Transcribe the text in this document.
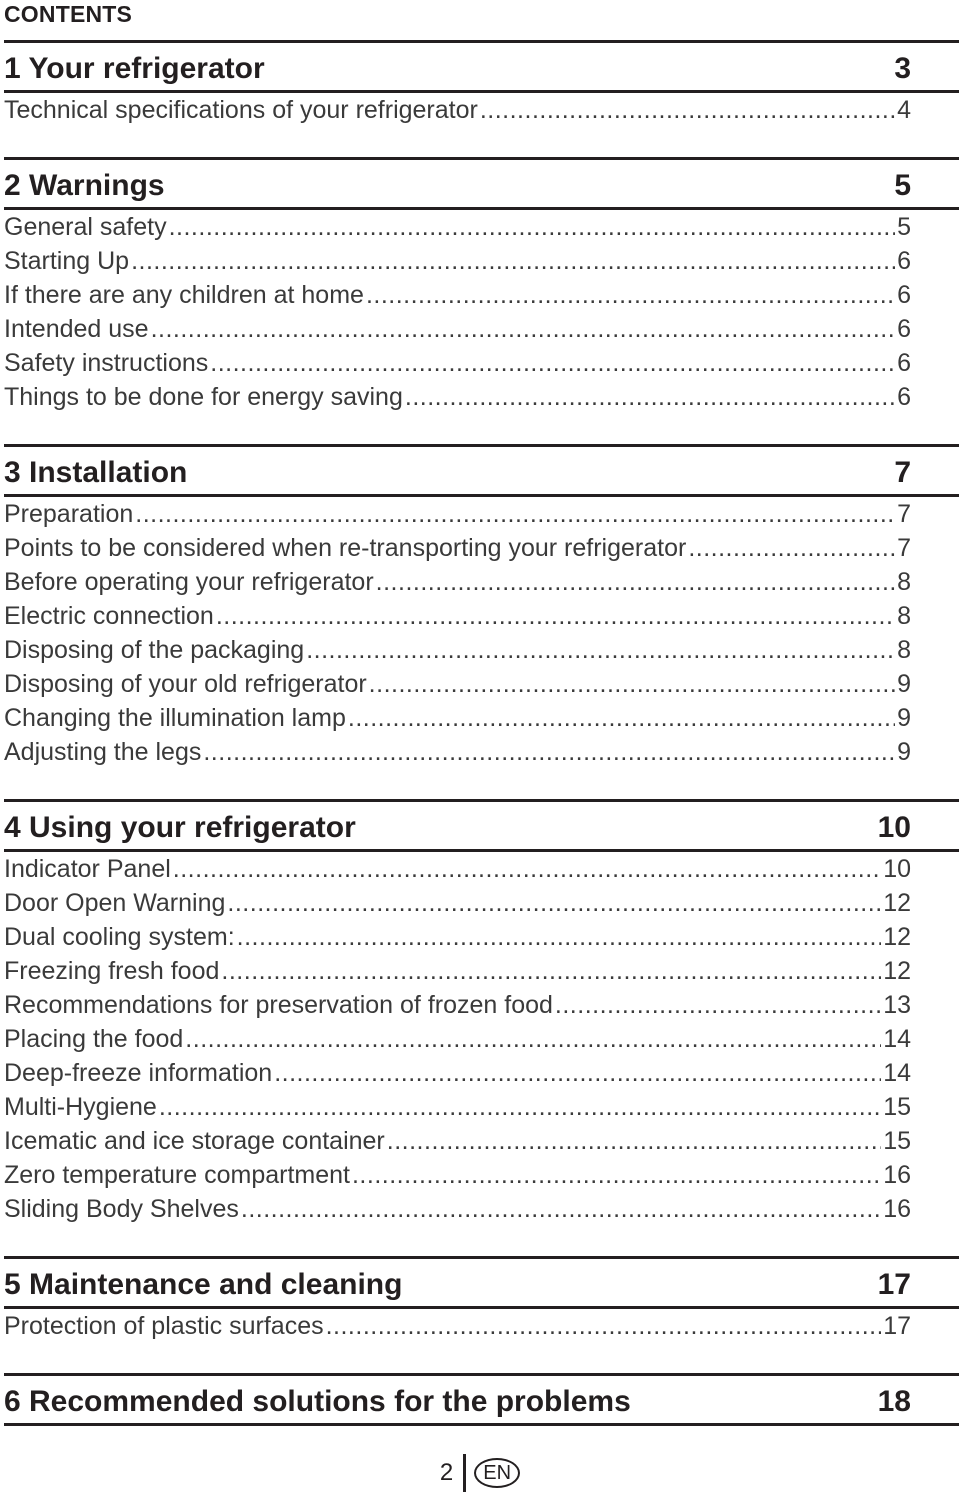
CONTENTS
1 Your refrigerator	3
Technical specifications of your refrigerator .....	4
2 Warnings	5
General safety .....	5
Starting Up .....	6
If there are any children at home .....	6
Intended use .....	6
Safety instructions .....	6
Things to be done for energy saving .....	6
3 Installation	7
Preparation .....	7
Points to be considered when re-transporting your refrigerator .....	7
Before operating your refrigerator .....	8
Electric connection .....	8
Disposing of the packaging .....	8
Disposing of your old refrigerator .....	9
Changing the illumination lamp .....	9
Adjusting the legs .....	9
4 Using your refrigerator	10
Indicator Panel .....	10
Door Open Warning .....	12
Dual cooling system: .....	12
Freezing fresh food .....	12
Recommendations for preservation of frozen food .....	13
Placing the food .....	14
Deep-freeze information .....	14
Multi-Hygiene .....	15
Icematic and ice storage container .....	15
Zero temperature compartment .....	16
Sliding Body Shelves .....	16
5 Maintenance and cleaning	17
Protection of plastic surfaces .....	17
6 Recommended solutions for the problems	18
2	EN
